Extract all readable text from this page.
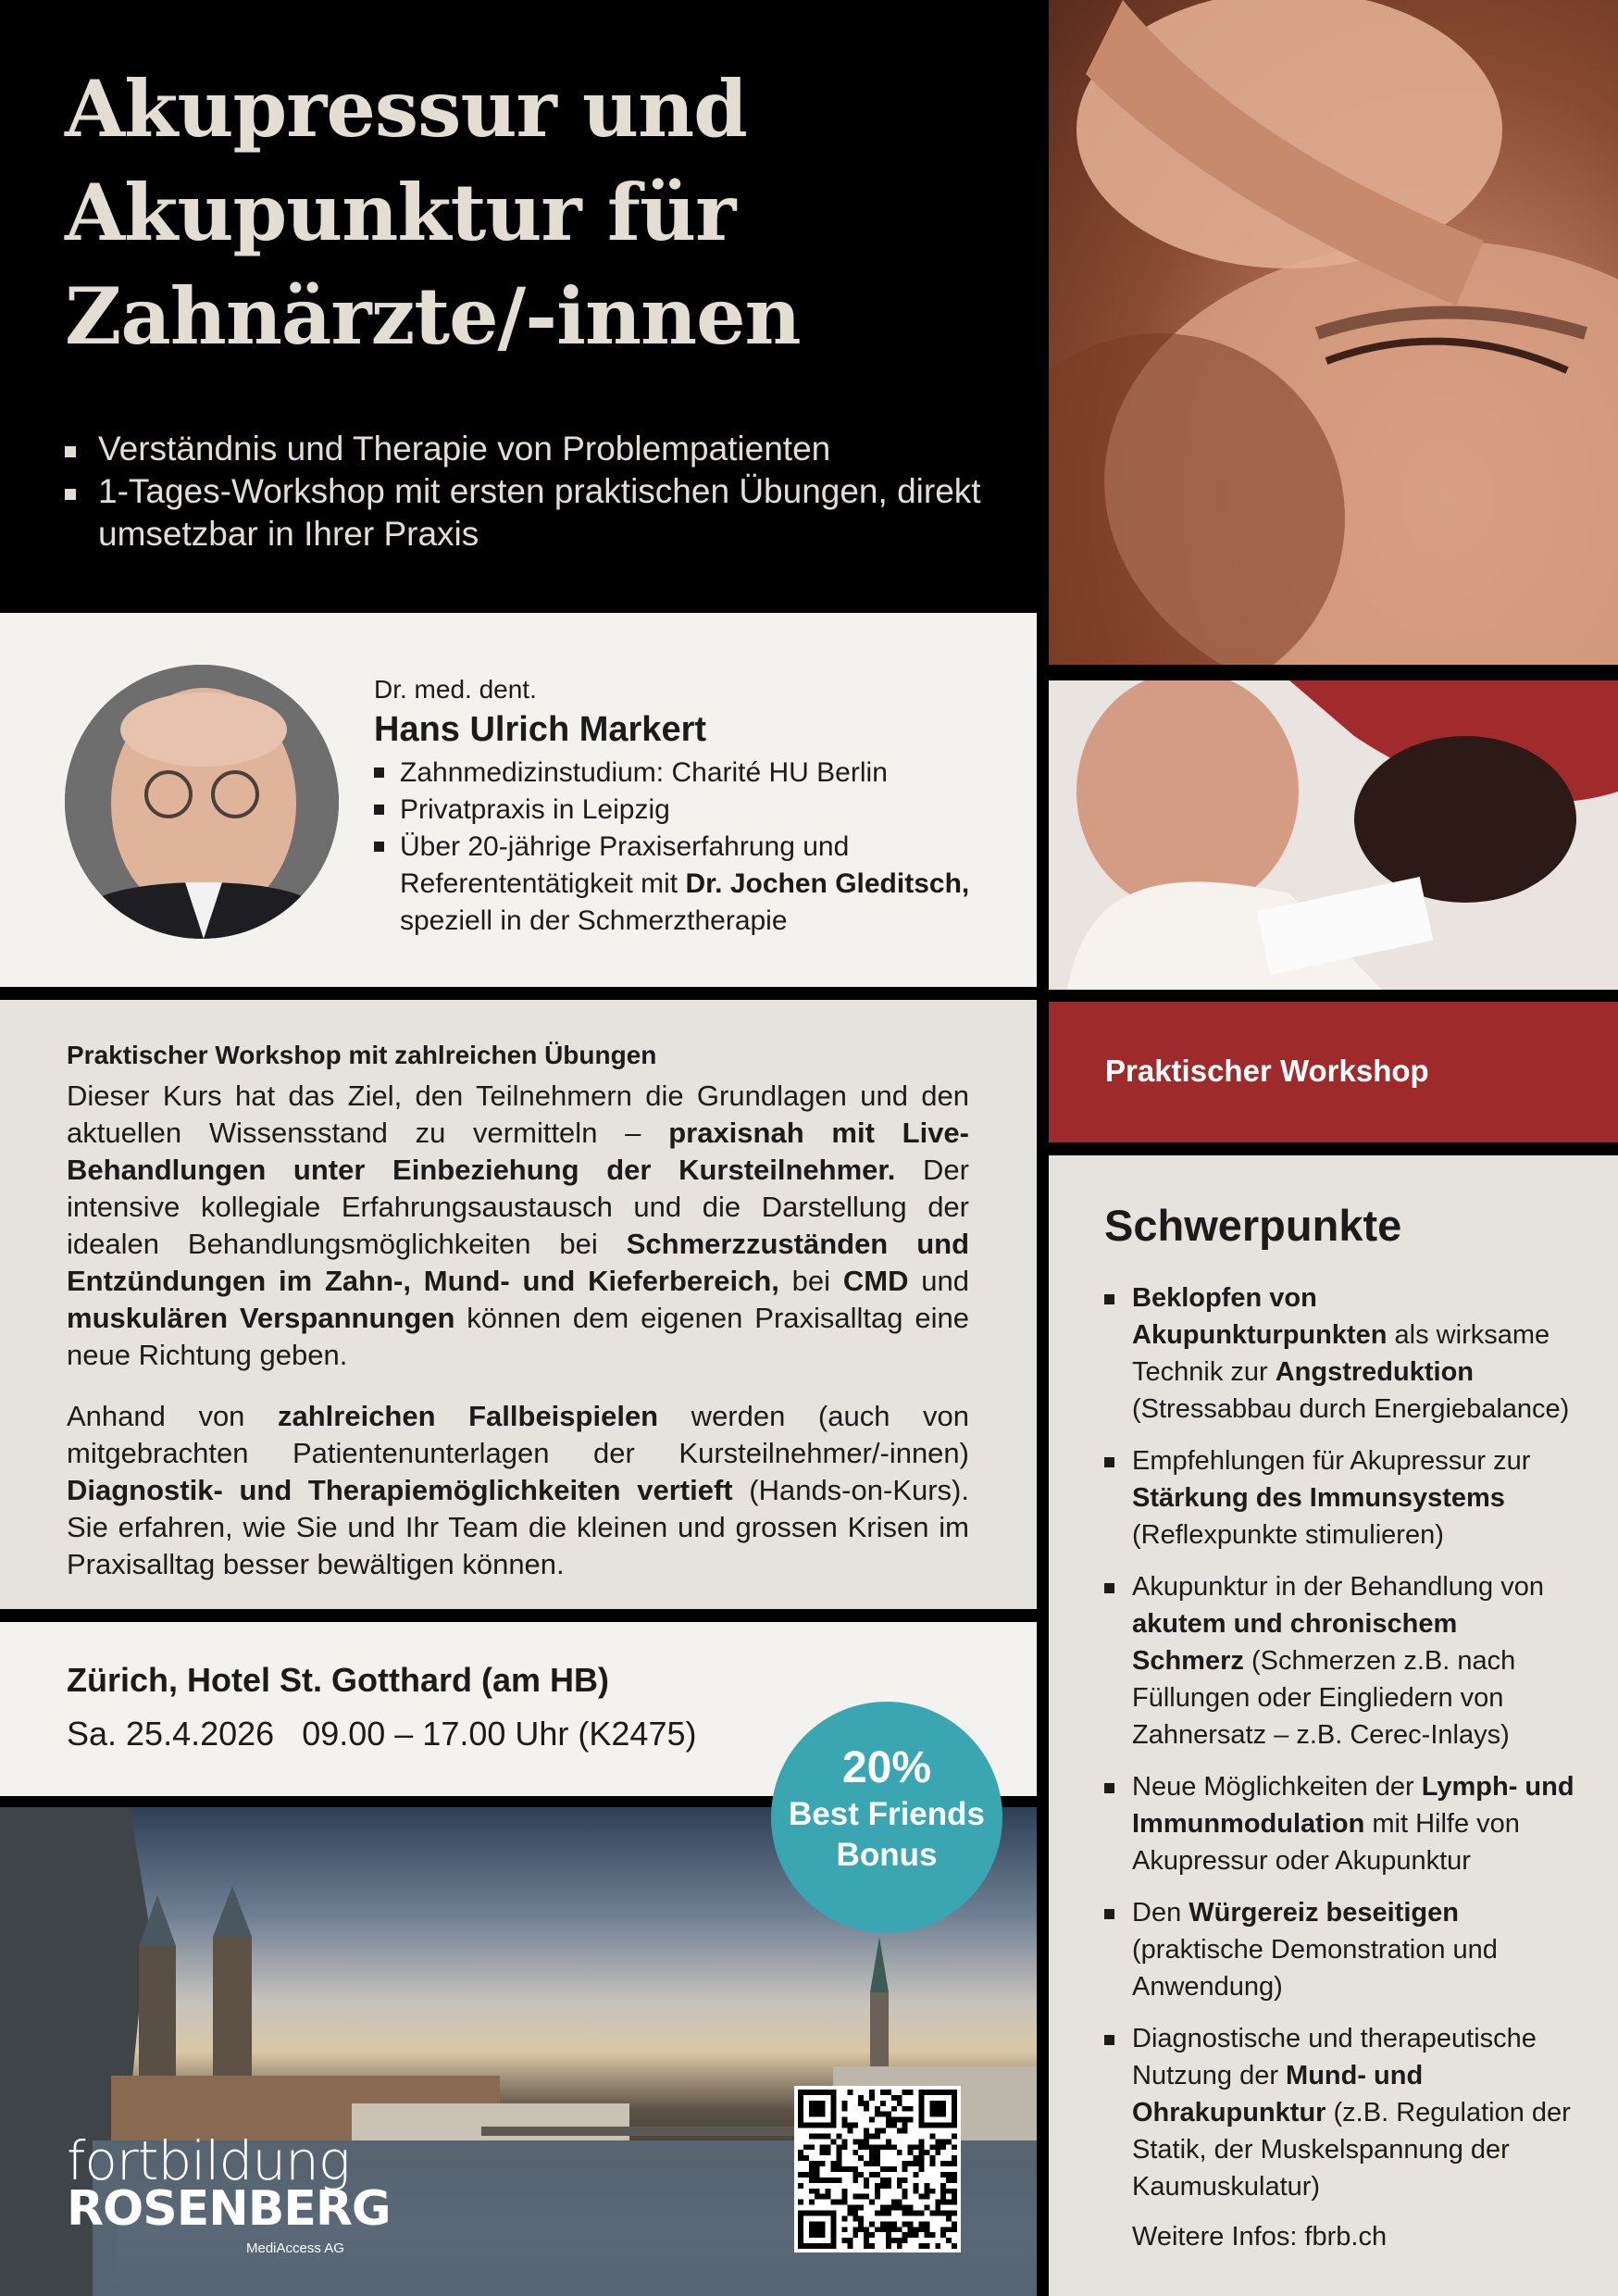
Akupressur und
Akupunktur für
Zahnärzte/-innen
Verständnis und Therapie von Problempatienten
1-Tages-Workshop mit ersten praktischen Übungen, direkt umsetzbar in Ihrer Praxis
Dr. med. dent.
Hans Ulrich Markert
Zahnmedizinstudium: Charité HU Berlin
Privatpraxis in Leipzig
Über 20-jährige Praxiserfahrung und Referententätigkeit mit Dr. Jochen Gleditsch, speziell in der Schmerztherapie
Praktischer Workshop mit zahlreichen Übungen

Dieser Kurs hat das Ziel, den Teilnehmern die Grundlagen und den aktuellen Wissensstand zu vermitteln – praxisnah mit Live-Behandlungen unter Einbeziehung der Kursteilnehmer. Der intensive kollegiale Erfahrungsaustausch und die Darstellung der idealen Behandlungsmöglichkeiten bei Schmerzzuständen und Entzündungen im Zahn-, Mund- und Kieferbereich, bei CMD und muskulären Verspannungen können dem eigenen Praxisalltag eine neue Richtung geben.

Anhand von zahlreichen Fallbeispielen werden (auch von mitgebrachten Patientenunterlagen der Kursteilnehmer/-innen) Diagnostik- und Therapiemöglichkeiten vertieft (Hands-on-Kurs). Sie erfahren, wie Sie und Ihr Team die kleinen und grossen Krisen im Praxisalltag besser bewältigen können.

Zürich, Hotel St. Gotthard (am HB)
Sa. 25.4.2026   09.00 – 17.00 Uhr (K2475)
20%
Best Friends
Bonus
fortbildung
ROSENBERG
MediAccess AG
Praktischer Workshop
Schwerpunkte
Beklopfen von Akupunkturpunkten als wirksame Technik zur Angstreduktion (Stressabbau durch Energiebalance)
Empfehlungen für Akupressur zur Stärkung des Immunsystems (Reflexpunkte stimulieren)
Akupunktur in der Behandlung von akutem und chronischem Schmerz (Schmerzen z.B. nach Füllungen oder Eingliedern von Zahnersatz – z.B. Cerec-Inlays)
Neue Möglichkeiten der Lymph- und Immunmodulation mit Hilfe von Akupressur oder Akupunktur
Den Würgereiz beseitigen (praktische Demonstration und Anwendung)
Diagnostische und therapeutische Nutzung der Mund- und Ohrakupunktur (z.B. Regulation der Statik, der Muskelspannung der Kaumuskulatur)
Weitere Infos: fbrb.ch
